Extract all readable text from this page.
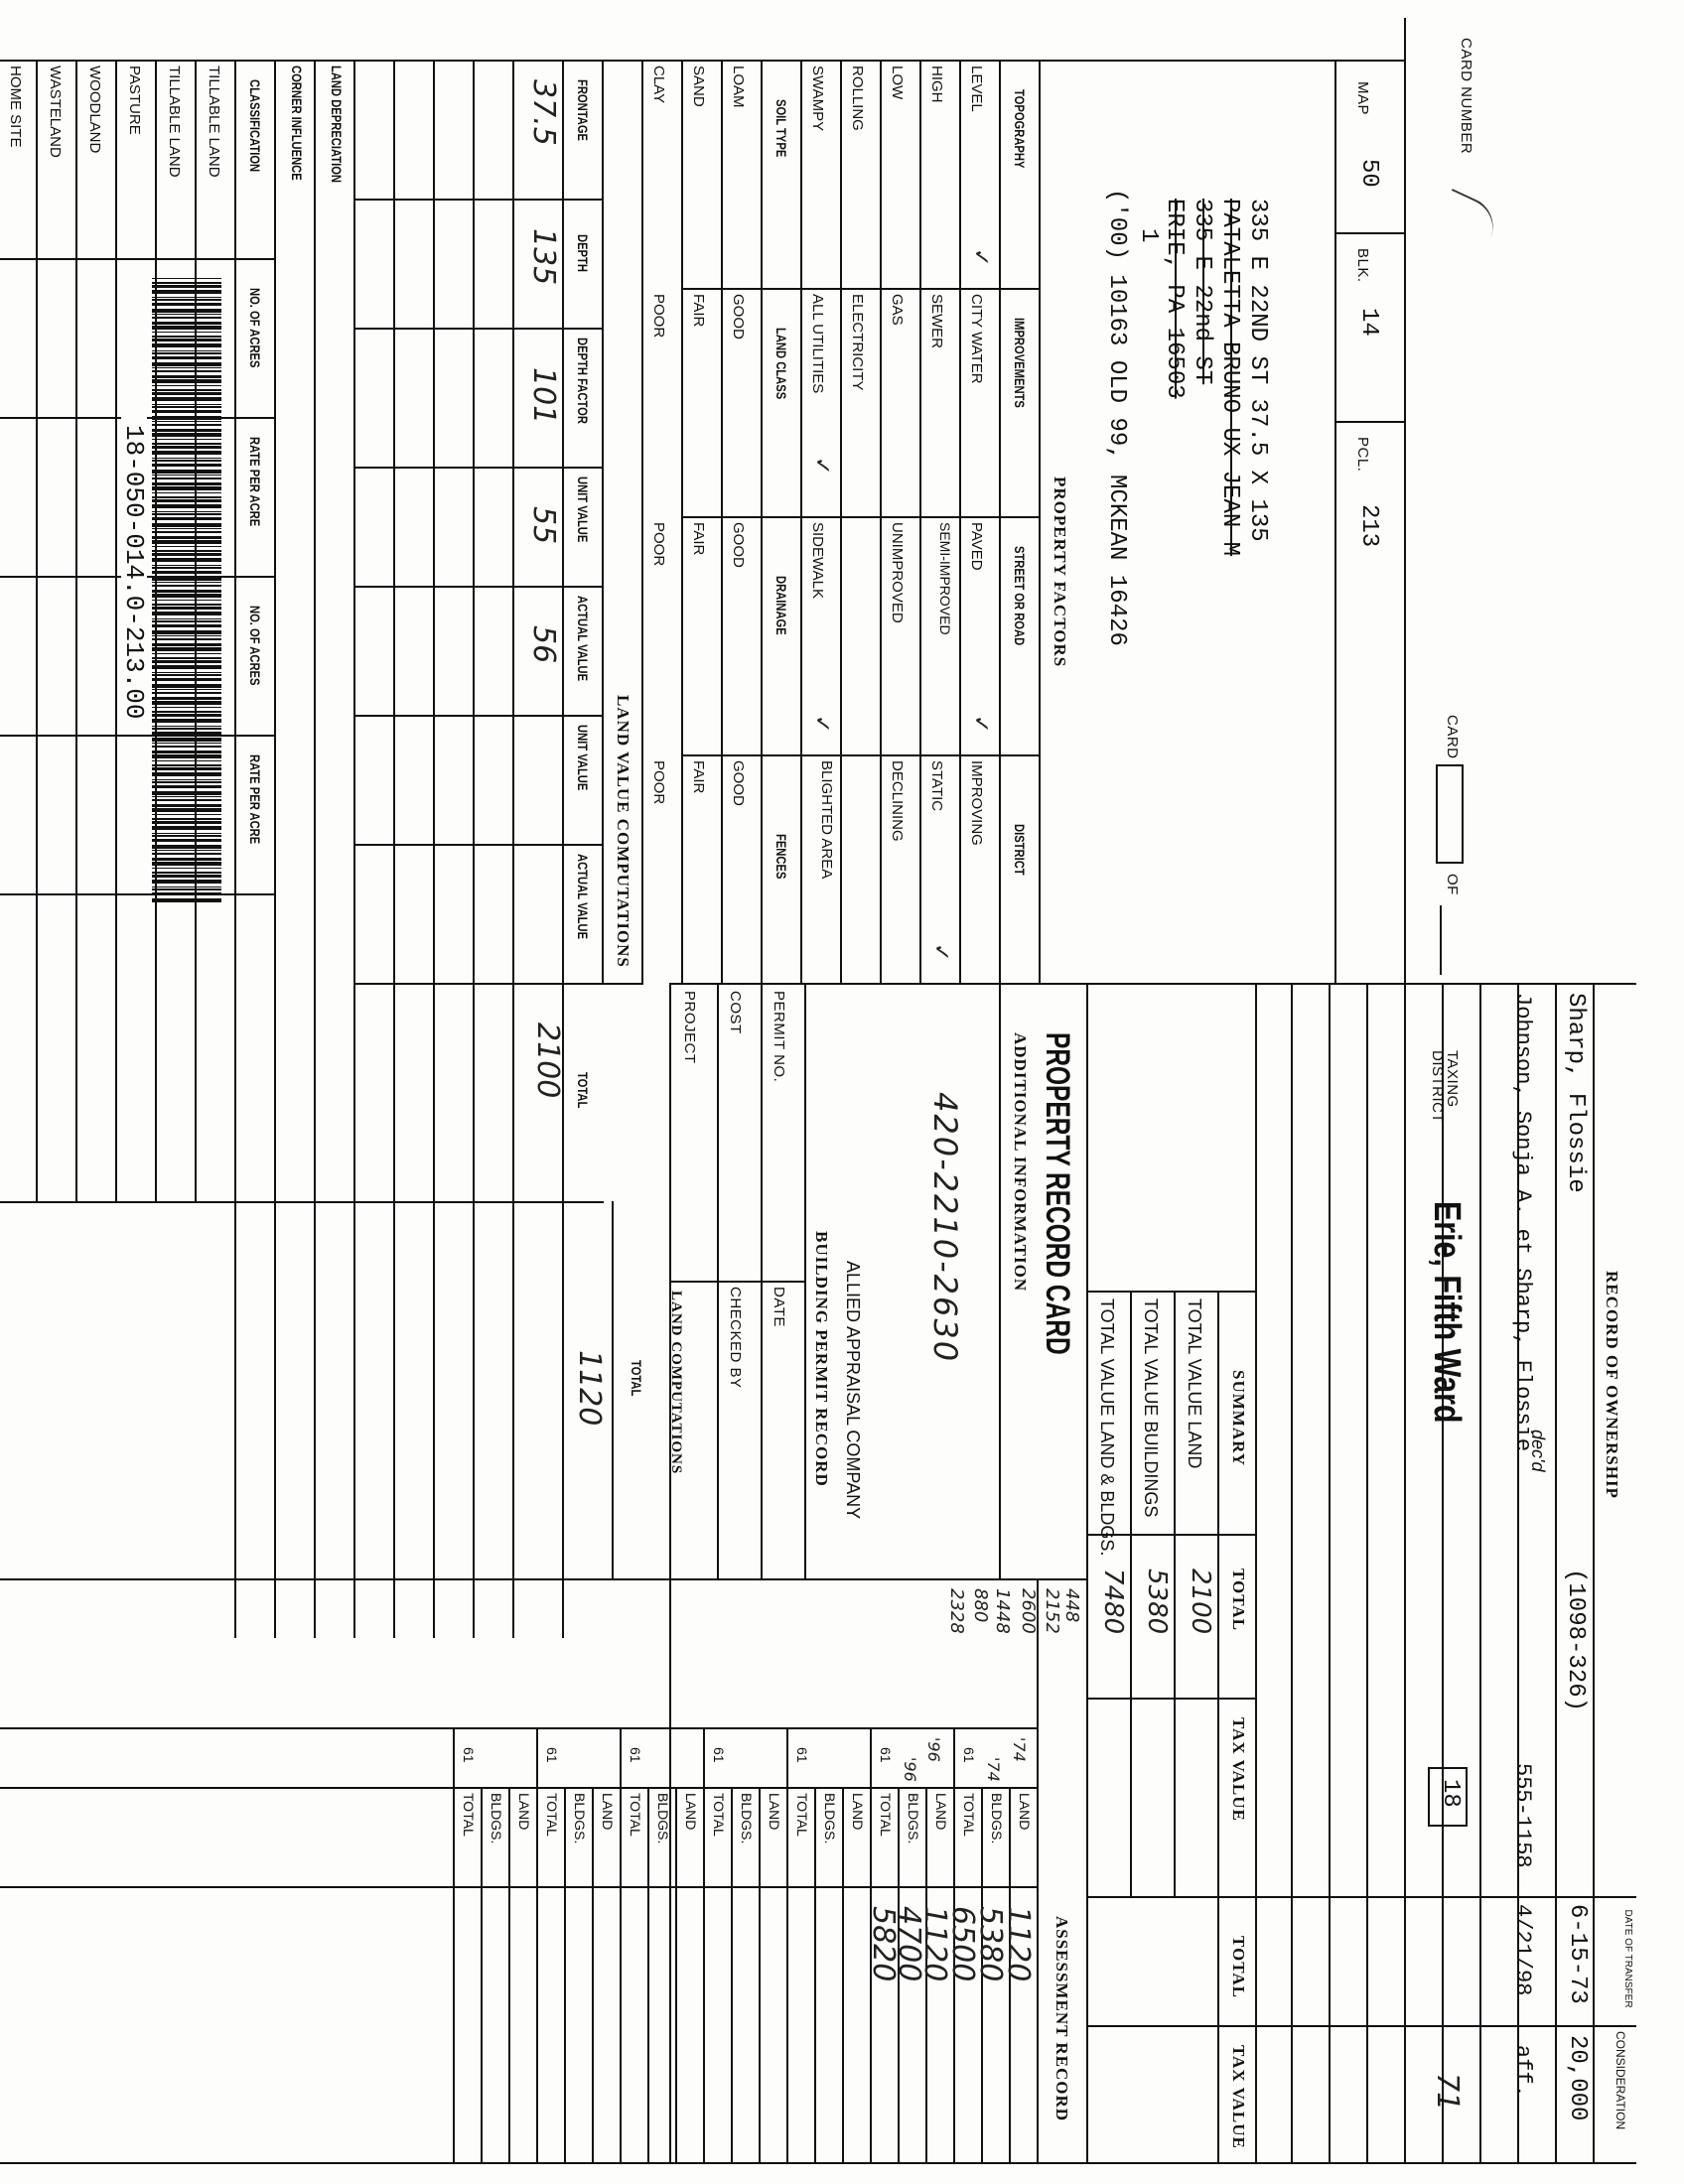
CARD NUMBER
CARD
OF
TAXING DISTRICT
Erie, Fifth Ward
18
71
MAP
50
BLK.
14
PCL.
213
335 E 22ND ST 37.5 X 135
PATALETTA BRUNO UX JEAN M
335 E 22nd ST
ERIE, PA 16503
1
('00) 10163 OLD 99, MCKEAN 16426
RECORD OF OWNERSHIP
DATE OF TRANSFER
CONSIDERATION
Sharp, Flossie
(1098-326)
6-15-73
20,000
dec'd
Johnson, Sonja A. et Sharp, Flossie
555-1158
4/21/98
aff.
TOTAL
TAX VALUE
SUMMARY
TOTAL
TAX VALUE
TOTAL VALUE LAND
TOTAL VALUE BUILDINGS
TOTAL VALUE LAND & BLDGS.
2100
5380
7480
PROPERTY RECORD CARD
ADDITIONAL INFORMATION
420-2210-2630
448
2152
2600
1448
880
2328
ALLIED APPRAISAL COMPANY
BUILDING PERMIT RECORD
PERMIT NO.
COST
PROJECT
DATE
CHECKED BY
ASSESSMENT RECORD
LAND
BLDGS.
TOTAL
61
LAND
BLDGS.
TOTAL
61
LAND
BLDGS.
TOTAL
61
LAND
BLDGS.
TOTAL
61
LAND
BLDGS.
TOTAL
61
LAND
BLDGS.
TOTAL
61
LAND
BLDGS.
TOTAL
61	'74
'74
'96
'96
1120
5380
6500
1120
4700
5820
PROPERTY FACTORS
TOPOGRAPHY
IMPROVEMENTS
STREET OR ROAD
DISTRICT
LEVEL
HIGH
LOW
ROLLING
SWAMPY
CITY WATER
SEWER
GAS
ELECTRICITY
ALL UTILITIES
PAVED
SEMI-IMPROVED
UNIMPROVED
SIDEWALK
IMPROVING
STATIC
DECLINING
BLIGHTED AREA
✓
✓
✓
✓
✓
SOIL TYPE
LAND CLASS
DRAINAGE
FENCES
LOAM
SAND
CLAY
GOOD
FAIR
POOR
GOOD
FAIR
POOR
GOOD
FAIR
POOR
LAND VALUE COMPUTATIONS
FRONTAGE
DEPTH
DEPTH FACTOR
UNIT VALUE
ACTUAL VALUE
UNIT VALUE
ACTUAL VALUE
TOTAL
TOTAL
37.5
135
101
55
56
2100
1120
LAND DEPRECIATION
CORNER INFLUENCE
LAND COMPUTATIONS
CLASSIFICATION
NO. OF ACRES
RATE PER ACRE
NO. OF ACRES
RATE PER ACRE
TILLABLE LAND
TILLABLE LAND
PASTURE
WOODLAND
WASTELAND
HOME SITE
18-050-014.0-213.00
